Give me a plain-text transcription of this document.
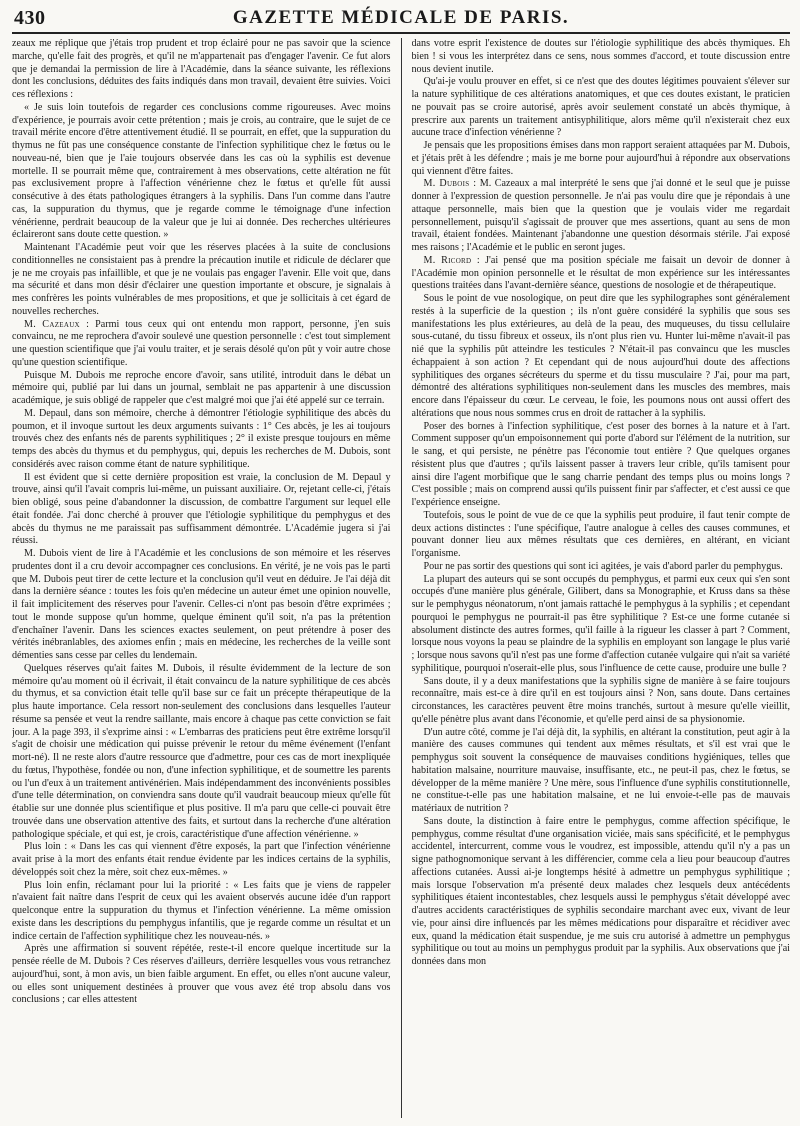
430	GAZETTE MÉDICALE DE PARIS.

zeaux me réplique que j'étais trop prudent et trop éclairé pour ne pas savoir que la science marche, qu'elle fait des progrès, et qu'il ne m'appartenait pas d'engager l'avenir. Ce fut alors que je demandai la permission de lire à l'Académie, dans la séance suivante, les réflexions dont les conclusions, déduites des faits indiqués dans mon travail, devaient être suivies. Voici ces réflexions :

« Je suis loin toutefois de regarder ces conclusions comme rigoureuses. Avec moins d'expérience, je pourrais avoir cette prétention ; mais je crois, au contraire, que le sujet de ce travail mérite encore d'être attentivement étudié. Il se pourrait, en effet, que la suppuration du thymus ne fût pas une conséquence constante de l'infection syphilitique chez le fœtus ou le nouveau-né, bien que je l'aie toujours observée dans les cas où la syphilis est devenue mortelle. Il se pourrait même que, contrairement à mes observations, cette altération ne fût pas exclusivement propre à l'affection vénérienne chez le fœtus et qu'elle fût aussi consécutive à des états pathologiques étrangers à la syphilis. Dans l'un comme dans l'autre cas, la suppuration du thymus, que je regarde comme le témoignage d'une infection vénérienne, perdrait beaucoup de la valeur que je lui ai donnée. Des recherches ultérieures éclaireront sans doute cette question. »

Maintenant l'Académie peut voir que les réserves placées à la suite de conclusions conditionnelles ne consistaient pas à prendre la précaution inutile et ridicule de déclarer que je ne me croyais pas infaillible, et que je ne voulais pas engager l'avenir. Elle voit que, dans ma sécurité et dans mon désir d'éclairer une question importante et obscure, je signalais à mes confrères les points vulnérables de mes propositions, et que je sollicitais à cet égard de nouvelles recherches.

M. Cazeaux : Parmi tous ceux qui ont entendu mon rapport, personne, j'en suis convaincu, ne me reprochera d'avoir soulevé une question personnelle : c'est tout simplement une question scientifique que j'ai voulu traiter, et je serais désolé qu'on pût y voir autre chose qu'une question scientifique.

Puisque M. Dubois me reproche encore d'avoir, sans utilité, introduit dans le débat un mémoire qui, publié par lui dans un journal, semblait ne pas appartenir à une discussion académique, je suis obligé de rappeler que c'est malgré moi que j'ai été appelé sur ce terrain.

M. Depaul, dans son mémoire, cherche à démontrer l'étiologie syphilitique des abcès du poumon, et il invoque surtout les deux arguments suivants : 1° Ces abcès, je les ai toujours trouvés chez des enfants nés de parents syphilitiques ; 2° il existe presque toujours en même temps des abcès du thymus et du pemphygus, qui, depuis les recherches de M. Dubois, sont considérés avec raison comme étant de nature syphilitique.

Il est évident que si cette dernière proposition est vraie, la conclusion de M. Depaul y trouve, ainsi qu'il l'avait compris lui-même, un puissant auxiliaire. Or, rejetant celle-ci, j'étais bien obligé, sous peine d'abandonner la discussion, de combattre l'argument sur lequel elle était fondée. J'ai donc cherché à prouver que l'étiologie syphilitique du pemphygus et des abcès du thymus ne me paraissait pas suffisamment démontrée. L'Académie jugera si j'ai réussi.

M. Dubois vient de lire à l'Académie et les conclusions de son mémoire et les réserves prudentes dont il a cru devoir accompagner ces conclusions. En vérité, je ne vois pas le parti que M. Dubois peut tirer de cette lecture et la conclusion qu'il veut en déduire. Je l'ai déjà dit dans la dernière séance : toutes les fois qu'en médecine un auteur émet une opinion nouvelle, il fait implicitement des réserves pour l'avenir. Celles-ci n'ont pas besoin d'être exprimées ; tout le monde suppose qu'un homme, quelque éminent qu'il soit, n'a pas la prétention d'enchaîner l'avenir. Dans les sciences exactes seulement, on peut prétendre à poser des vérités inébranlables, des axiomes enfin ; mais en médecine, les recherches de la veille sont démenties sans cesse par celles du lendemain.

Quelques réserves qu'ait faites M. Dubois, il résulte évidemment de la lecture de son mémoire qu'au moment où il écrivait, il était convaincu de la nature syphilitique de ces abcès du thymus, et sa conviction était telle qu'il base sur ce fait un précepte thérapeutique de la plus haute importance. Cela ressort non-seulement des conclusions dans lesquelles l'auteur résume sa pensée et veut la rendre saillante, mais encore à chaque pas cette conviction se fait jour. A la page 393, il s'exprime ainsi : « L'embarras des praticiens peut être extrême lorsqu'il s'agit de choisir une médication qui puisse prévenir le retour du même événement (l'enfant mort-né). Il ne reste alors d'autre ressource que d'admettre, pour ces cas de mort inexpliquée du fœtus, l'hypothèse, fondée ou non, d'une infection syphilitique, et de soumettre les parents ou l'un d'eux à un traitement antivénérien. Mais indépendamment des inconvénients possibles d'une telle détermination, on conviendra sans doute qu'il vaudrait beaucoup mieux qu'elle fût établie sur une donnée plus scientifique et plus positive. Il m'a paru que celle-ci pouvait être trouvée dans une observation attentive des faits, et surtout dans la recherche d'une altération pathologique spéciale, et qui est, je crois, caractéristique d'une affection vénérienne. »

Plus loin : « Dans les cas qui viennent d'être exposés, la part que l'infection vénérienne avait prise à la mort des enfants était rendue évidente par les indices certains de la syphilis, développés soit chez la mère, soit chez eux-mêmes. »

Plus loin enfin, réclamant pour lui la priorité : « Les faits que je viens de rappeler n'avaient fait naître dans l'esprit de ceux qui les avaient observés aucune idée d'un rapport quelconque entre la suppuration du thymus et l'infection vénérienne. La même omission existe dans les descriptions du pemphygus infantilis, que je regarde comme un résultat et un indice certain de l'affection syphilitique chez les nouveau-nés. »

Après une affirmation si souvent répétée, reste-t-il encore quelque incertitude sur la pensée réelle de M. Dubois ? Ces réserves d'ailleurs, derrière lesquelles vous vous retranchez aujourd'hui, sont, à mon avis, un bien faible argument. En effet, ou elles n'ont aucune valeur, ou elles sont uniquement destinées à prouver que vous avez été trop absolu dans vos conclusions ; car elles attestent

dans votre esprit l'existence de doutes sur l'étiologie syphilitique des abcès thymiques. Eh bien ! si vous les interprétez dans ce sens, nous sommes d'accord, et toute discussion entre nous devient inutile.

Qu'ai-je voulu prouver en effet, si ce n'est que des doutes légitimes pouvaient s'élever sur la nature syphilitique de ces altérations anatomiques, et que ces doutes existant, le praticien ne pouvait pas se croire autorisé, après avoir seulement constaté un abcès thymique, à prescrire aux parents un traitement antisyphilitique, alors même qu'il n'existerait chez eux aucune trace d'infection vénérienne ?

Je pensais que les propositions émises dans mon rapport seraient attaquées par M. Dubois, et j'étais prêt à les défendre ; mais je me borne pour aujourd'hui à répondre aux observations qui viennent d'être faites.

M. Dubois : M. Cazeaux a mal interprété le sens que j'ai donné et le seul que je puisse donner à l'expression de question personnelle. Je n'ai pas voulu dire que je répondais à une attaque personnelle, mais bien que la question que je voulais vider me regardait personnellement, puisqu'il s'agissait de prouver que mes assertions, quant au sens de mon travail, étaient fondées. Maintenant j'abandonne une question désormais stérile. J'ai exposé mes raisons ; l'Académie et le public en seront juges.

M. Ricord : J'ai pensé que ma position spéciale me faisait un devoir de donner à l'Académie mon opinion personnelle et le résultat de mon expérience sur les intéressantes questions traitées dans l'avant-dernière séance, questions de nosologie et de thérapeutique.

Sous le point de vue nosologique, on peut dire que les syphilographes sont généralement restés à la superficie de la question ; ils n'ont guère considéré la syphilis que sous ses manifestations les plus extérieures, au delà de la peau, des muqueuses, du tissu cellulaire sous-cutané, du tissu fibreux et osseux, ils n'ont plus rien vu. Hunter lui-même n'avait-il pas nié que la syphilis pût atteindre les testicules ? N'était-il pas convaincu que les muscles échappaient à son action ? Et cependant qui de nous aujourd'hui doute des affections syphilitiques des organes sécréteurs du sperme et du tissu musculaire ? J'ai, pour ma part, démontré des altérations syphilitiques non-seulement dans les muscles des membres, mais encore dans l'épaisseur du cœur. Le cerveau, le foie, les poumons nous ont aussi offert des altérations que nous nous sommes crus en droit de rattacher à la syphilis.

Poser des bornes à l'infection syphilitique, c'est poser des bornes à la nature et à l'art. Comment supposer qu'un empoisonnement qui porte d'abord sur l'élément de la nutrition, sur le sang, et qui persiste, ne pénètre pas l'économie tout entière ? Que quelques organes résistent plus que d'autres ; qu'ils laissent passer à travers leur crible, qu'ils tamisent pour ainsi dire l'agent morbifique que le sang charrie pendant des temps plus ou moins longs ? C'est possible ; mais on comprend aussi qu'ils puissent finir par s'affecter, et c'est aussi ce que l'expérience enseigne.

Toutefois, sous le point de vue de ce que la syphilis peut produire, il faut tenir compte de deux actions distinctes : l'une spécifique, l'autre analogue à celles des causes communes, et pouvant donner lieu aux mêmes résultats que ces dernières, en altérant, en viciant l'organisme.

Pour ne pas sortir des questions qui sont ici agitées, je vais d'abord parler du pemphygus.

La plupart des auteurs qui se sont occupés du pemphygus, et parmi eux ceux qui s'en sont occupés d'une manière plus générale, Gilibert, dans sa Monographie, et Kruss dans sa thèse sur le pemphygus néonatorum, n'ont jamais rattaché le pemphygus à la syphilis ; et cependant pourquoi le pemphygus ne pourrait-il pas être syphilitique ? Est-ce une forme cutanée si absolument distincte des autres formes, qu'il faille à la rigueur les classer à part ? Comment, lorsque nous voyons la peau se plaindre de la syphilis en employant son langage le plus varié ; lorsque nous savons qu'il n'est pas une forme d'affection cutanée vulgaire qui n'ait sa variété syphilitique, pourquoi n'oserait-elle plus, sous l'influence de cette cause, produire une bulle ?

Sans doute, il y a deux manifestations que la syphilis signe de manière à se faire toujours reconnaître, mais est-ce à dire qu'il en est toujours ainsi ? Non, sans doute. Dans certaines circonstances, les caractères peuvent être moins tranchés, surtout à mesure qu'elle vieillit, qu'elle pénètre plus avant dans l'économie, et qu'elle perd ainsi de sa physionomie.

D'un autre côté, comme je l'ai déjà dit, la syphilis, en altérant la constitution, peut agir à la manière des causes communes qui tendent aux mêmes résultats, et s'il est vrai que le pemphygus soit souvent la conséquence de mauvaises conditions hygiéniques, telles que habitation malsaine, nourriture mauvaise, insuffisante, etc., ne peut-il pas, chez le fœtus, se développer de la même manière ? Une mère, sous l'influence d'une syphilis constitutionnelle, ne constitue-t-elle pas une habitation malsaine, et ne lui envoie-t-elle pas de mauvais matériaux de nutrition ?

Sans doute, la distinction à faire entre le pemphygus, comme affection spécifique, le pemphygus, comme résultat d'une organisation viciée, mais sans spécificité, et le pemphygus accidentel, intercurrent, comme vous le voudrez, est impossible, attendu qu'il n'y a pas un signe pathognomonique servant à les différencier, comme cela a lieu pour beaucoup d'autres affections cutanées. Aussi ai-je longtemps hésité à admettre un pemphygus syphilitique ; mais lorsque l'observation m'a présenté deux malades chez lesquels deux antécédents syphilitiques étaient incontestables, chez lesquels aussi le pemphygus s'était développé avec d'autres accidents caractéristiques de syphilis secondaire marchant avec eux, vivant de leur vie, pour ainsi dire influencés par les mêmes médications pour disparaître et récidiver avec eux, quand la médication était suspendue, je me suis cru autorisé à admettre un pemphygus syphilitique ou tout au moins un pemphygus produit par la syphilis. Aux observations que j'ai données dans mon
